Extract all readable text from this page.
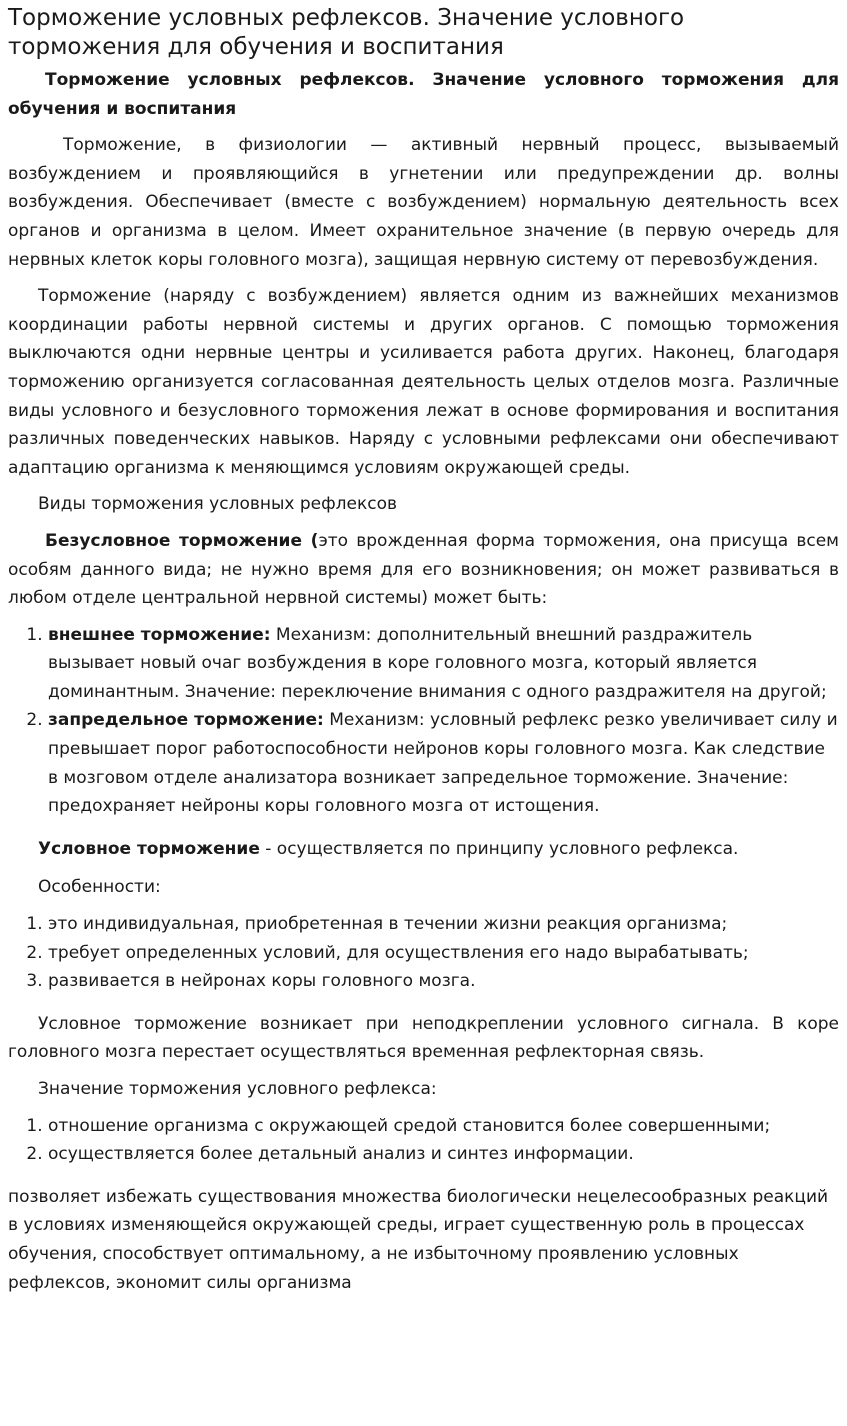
Торможение условных рефлексов. Значение условного торможения для обучения и воспитания

Торможение условных рефлексов. Значение условного торможения для обучения и воспитания

Торможение, в физиологии — активный нервный процесс, вызываемый возбуждением и проявляющийся в угнетении или предупреждении др. волны возбуждения. Обеспечивает (вместе с возбуждением) нормальную деятельность всех органов и организма в целом. Имеет охранительное значение (в первую очередь для нервных клеток коры головного мозга), защищая нервную систему от перевозбуждения.

Торможение (наряду с возбуждением) является одним из важнейших механизмов координации работы нервной системы и других органов. С помощью торможения выключаются одни нервные центры и усиливается работа других. Наконец, благодаря торможению организуется согласованная деятельность целых отделов мозга. Различные виды условного и безусловного торможения лежат в основе формирования и воспитания различных поведенческих навыков. Наряду с условными рефлексами они обеспечивают адаптацию организма к меняющимся условиям окружающей среды.

Виды торможения условных рефлексов

Безусловное торможение (это врожденная форма торможения, она присуща всем особям данного вида; не нужно время для его возникновения; он может развиваться в любом отделе центральной нервной системы) может быть:

1. внешнее торможение: Механизм: дополнительный внешний раздражитель вызывает новый очаг возбуждения в коре головного мозга, который является доминантным. Значение: переключение внимания с одного раздражителя на другой;
2. запредельное торможение: Механизм: условный рефлекс резко увеличивает силу и превышает порог работоспособности нейронов коры головного мозга. Как следствие в мозговом отделе анализатора возникает запредельное торможение. Значение: предохраняет нейроны коры головного мозга от истощения.

Условное торможение - осуществляется по принципу условного рефлекса.

Особенности:

1. это индивидуальная, приобретенная в течении жизни реакция организма;
2. требует определенных условий, для осуществления его надо вырабатывать;
3. развивается в нейронах коры головного мозга.

Условное торможение возникает при неподкреплении условного сигнала. В коре головного мозга перестает осуществляться временная рефлекторная связь.

Значение торможения условного рефлекса:

1. отношение организма с окружающей средой становится более совершенными;
2. осуществляется более детальный анализ и синтез информации.

позволяет избежать существования множества биологически нецелесообразных реакций в условиях изменяющейся окружающей среды, играет существенную роль в процессах обучения, способствует оптимальному, а не избыточному проявлению условных рефлексов, экономит силы организма
